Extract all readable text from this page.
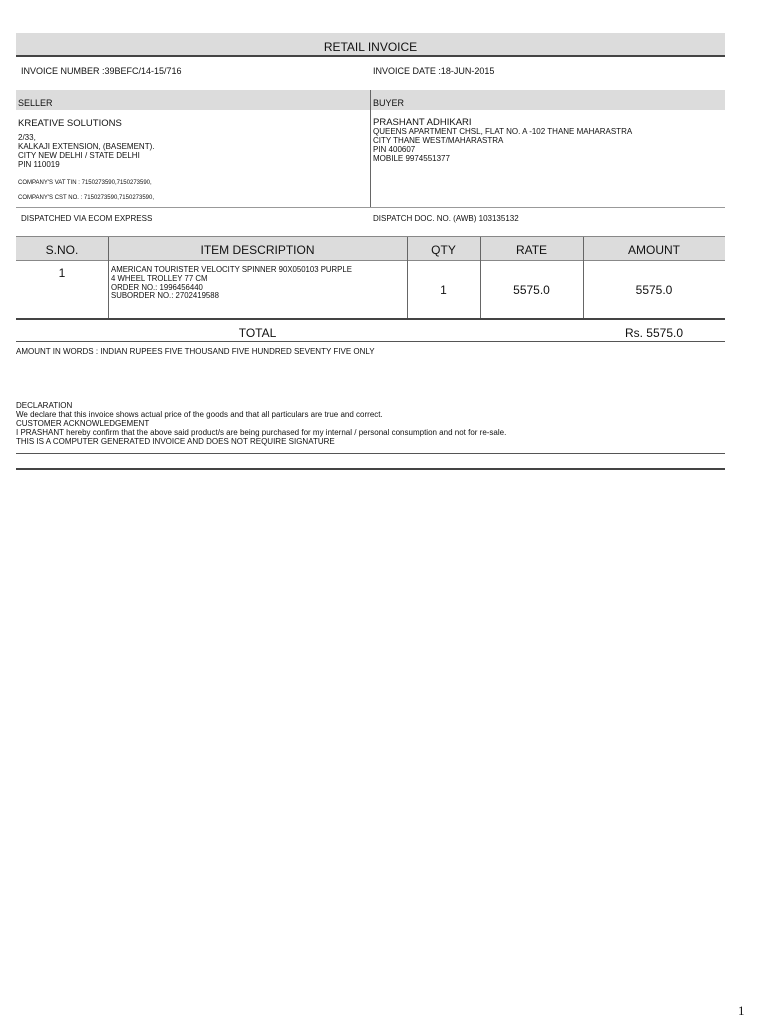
RETAIL INVOICE
INVOICE NUMBER :39BEFC/14-15/716	INVOICE DATE :18-JUN-2015
SELLER	BUYER
KREATIVE SOLUTIONS
2/33,
KALKAJI EXTENSION, (BASEMENT).
CITY NEW DELHI / STATE DELHI
PIN 110019
COMPANY'S VAT TIN : 7150273590,7150273590,
COMPANY'S CST NO. : 7150273590,7150273590,
PRASHANT ADHIKARI
QUEENS APARTMENT CHSL, FLAT NO. A -102 THANE MAHARASTRA
CITY THANE WEST/MAHARASTRA
PIN 400607
MOBILE 9974551377
DISPATCHED VIA ECOM EXPRESS	DISPATCH DOC. NO. (AWB) 103135132
S.NO.	ITEM DESCRIPTION	QTY	RATE	AMOUNT
1	AMERICAN TOURISTER VELOCITY SPINNER 90X050103 PURPLE
4 WHEEL TROLLEY 77 CM
ORDER NO.: 1996456440
SUBORDER NO.: 2702419588	1	5575.0	5575.0
TOTAL	Rs. 5575.0
AMOUNT IN WORDS : INDIAN RUPEES FIVE THOUSAND FIVE HUNDRED SEVENTY FIVE ONLY
DECLARATION
We declare that this invoice shows actual price of the goods and that all particulars are true and correct.
CUSTOMER ACKNOWLEDGEMENT
I PRASHANT hereby confirm that the above said product/s are being purchased for my internal / personal consumption and not for re-sale.
THIS IS A COMPUTER GENERATED INVOICE AND DOES NOT REQUIRE SIGNATURE
1
